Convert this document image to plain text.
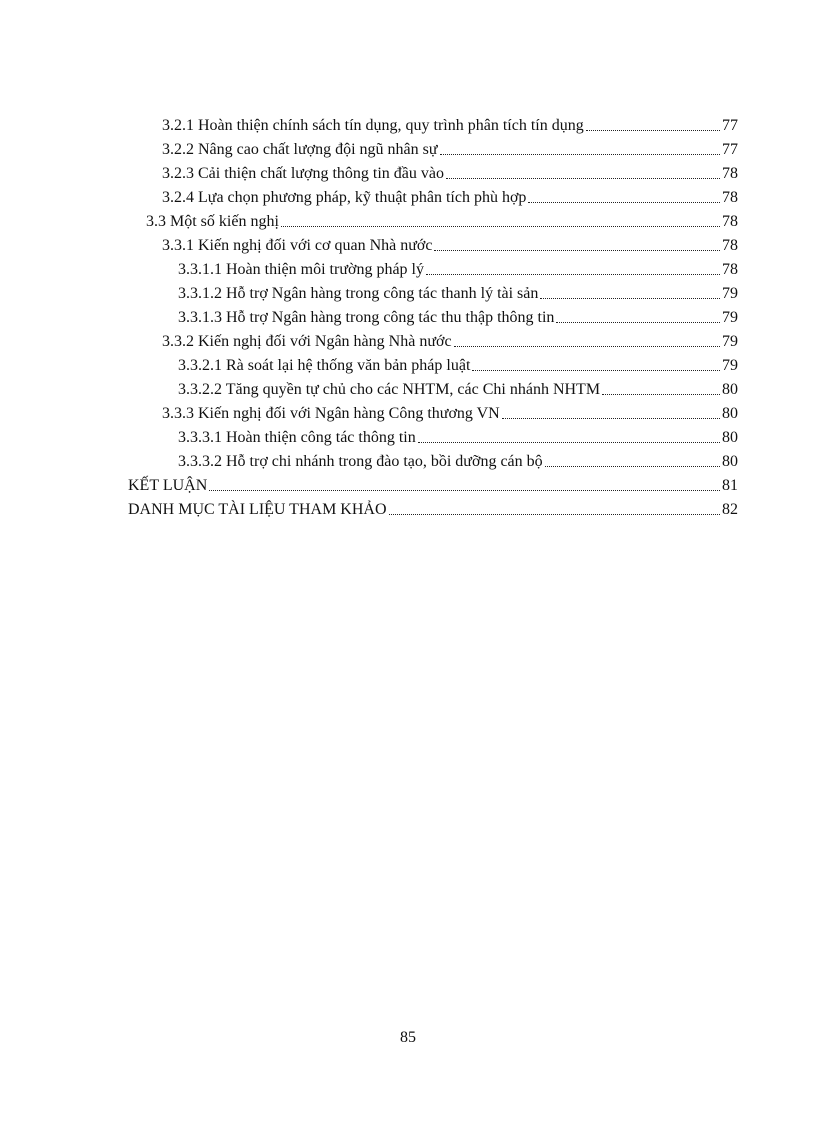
3.2.1 Hoàn thiện chính sách tín dụng, quy trình phân tích tín dụng	77
3.2.2 Nâng cao chất lượng đội ngũ nhân sự	77
3.2.3 Cải thiện chất lượng thông tin đầu vào	78
3.2.4 Lựa chọn phương pháp, kỹ thuật phân tích phù hợp	78
3.3 Một số kiến nghị	78
3.3.1 Kiến nghị đối với cơ quan Nhà nước	78
3.3.1.1 Hoàn thiện môi trường pháp lý	78
3.3.1.2 Hỗ trợ Ngân hàng trong công tác thanh lý tài sản	79
3.3.1.3 Hỗ trợ Ngân hàng trong công tác thu thập thông tin	79
3.3.2 Kiến nghị đối với Ngân hàng Nhà nước	79
3.3.2.1 Rà soát lại hệ thống văn bản pháp luật	79
3.3.2.2 Tăng quyền tự chủ cho các NHTM, các Chi nhánh NHTM	80
3.3.3 Kiến nghị đối với Ngân hàng Công thương VN	80
3.3.3.1 Hoàn thiện công tác thông tin	80
3.3.3.2 Hỗ trợ chi nhánh trong đào tạo, bồi dưỡng cán bộ	80
KẾT LUẬN	81
DANH MỤC TÀI LIỆU THAM KHẢO	82
85
